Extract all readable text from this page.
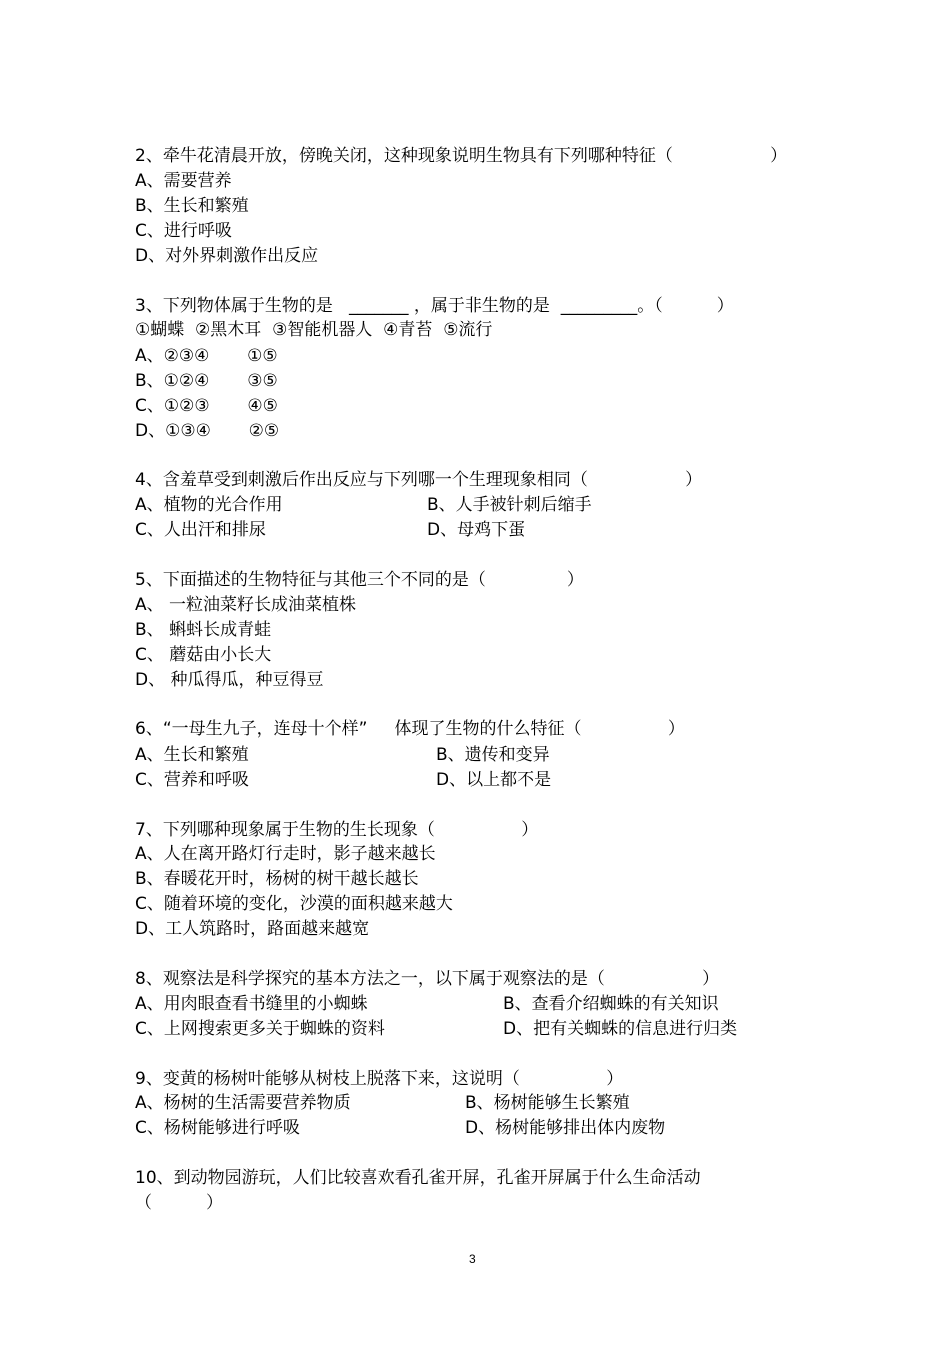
2、牵牛花清晨开放，傍晚关闭，这种现象说明生物具有下列哪种特征（                  ）
A、需要营养
B、生长和繁殖
C、进行呼吸
D、对外界刺激作出反应
3、下列物体属于生物的是   _______ ，属于非生物的是  _________。（          ）
①蝴蝶  ②黑木耳  ③智能机器人  ④青苔  ⑤流行
A、②③④       ①⑤
B、①②④       ③⑤
C、①②③       ④⑤
D、①③④       ②⑤
4、含羞草受到刺激后作出反应与下列哪一个生理现象相同（                  ）
A、植物的光合作用	B、人手被针刺后缩手
C、人出汗和排尿	D、母鸡下蛋
5、下面描述的生物特征与其他三个不同的是（               ）
A、 一粒油菜籽长成油菜植株
B、 蝌蚪长成青蛙
C、 蘑菇由小长大
D、 种瓜得瓜，种豆得豆
6、“一母生九子，连母十个样”     体现了生物的什么特征（                ）
A、生长和繁殖	B、遗传和变异
C、营养和呼吸	D、以上都不是
7、下列哪种现象属于生物的生长现象（                ）
A、人在离开路灯行走时，影子越来越长
B、春暖花开时，杨树的树干越长越长
C、随着环境的变化，沙漠的面积越来越大
D、工人筑路时，路面越来越宽
8、观察法是科学探究的基本方法之一，以下属于观察法的是（                  ）
A、用肉眼查看书缝里的小蜘蛛	B、查看介绍蜘蛛的有关知识
C、上网搜索更多关于蜘蛛的资料	D、把有关蜘蛛的信息进行归类
9、变黄的杨树叶能够从树枝上脱落下来，这说明（                ）
A、杨树的生活需要营养物质	B、杨树能够生长繁殖
C、杨树能够进行呼吸	D、杨树能够排出体内废物
10、到动物园游玩，人们比较喜欢看孔雀开屏，孔雀开屏属于什么生命活动
（          ）
3
